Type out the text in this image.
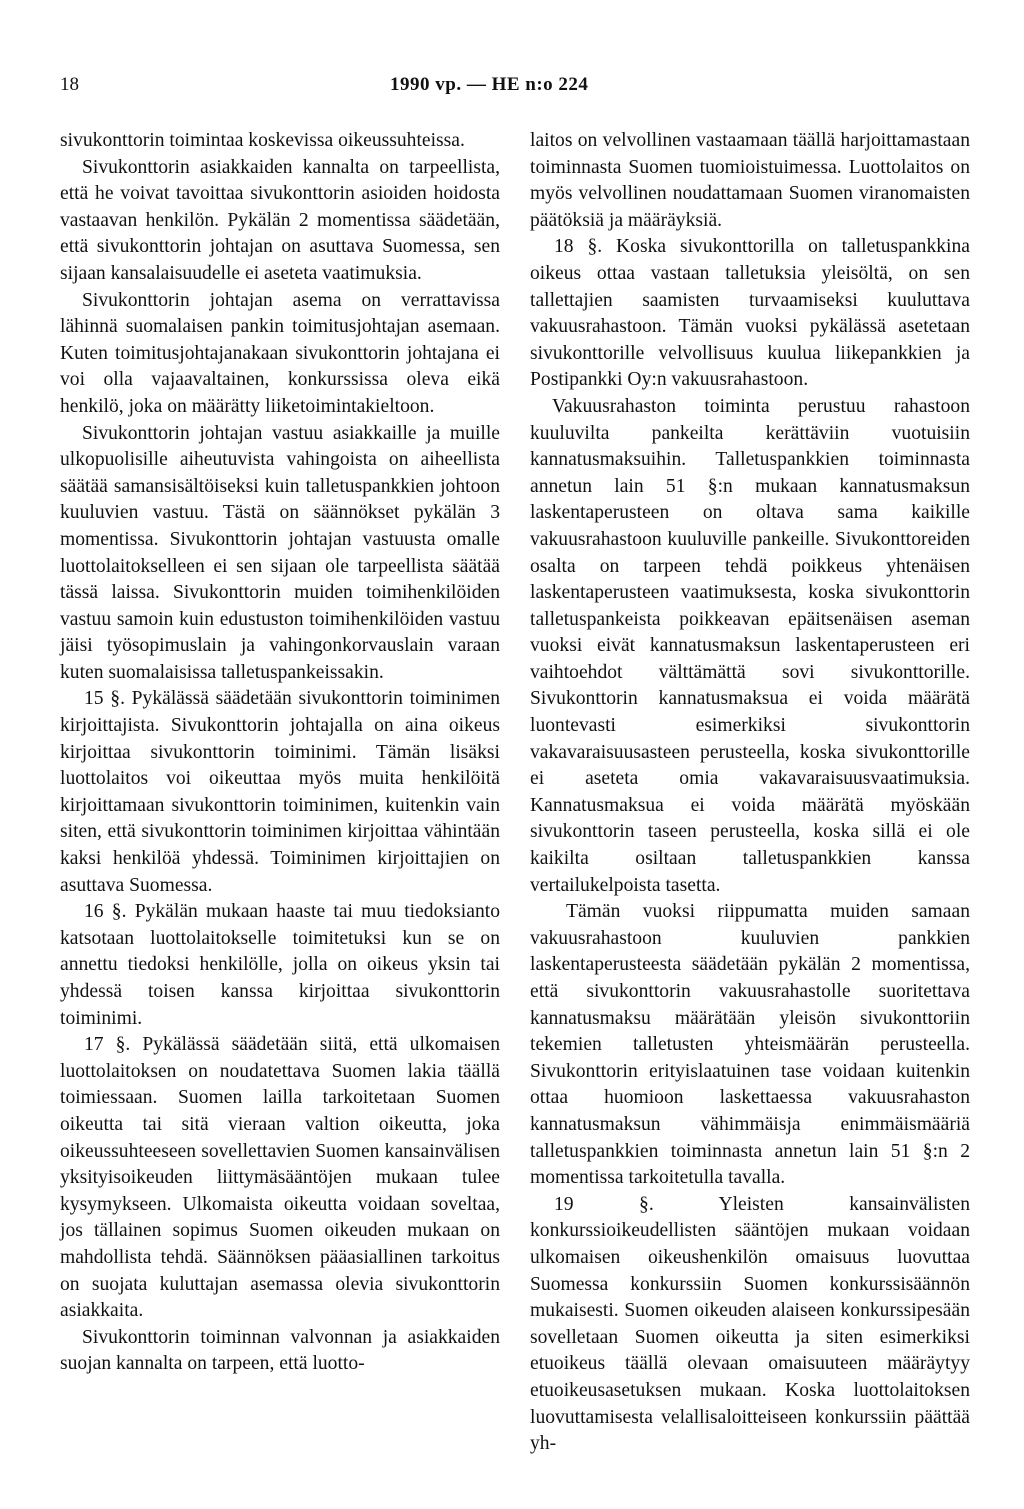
18	1990 vp. — HE n:o 224

sivukonttorin toimintaa koskevissa oikeussuhteissa.

Sivukonttorin asiakkaiden kannalta on tarpeellista, että he voivat tavoittaa sivukonttorin asioiden hoidosta vastaavan henkilön. Pykälän 2 momentissa säädetään, että sivukonttorin johtajan on asuttava Suomessa, sen sijaan kansalaisuudelle ei aseteta vaatimuksia.

Sivukonttorin johtajan asema on verrattavissa lähinnä suomalaisen pankin toimitusjohtajan asemaan. Kuten toimitusjohtajanakaan sivukonttorin johtajana ei voi olla vajaavaltainen, konkurssissa oleva eikä henkilö, joka on määrätty liiketoimintakieltoon.

Sivukonttorin johtajan vastuu asiakkaille ja muille ulkopuolisille aiheutuvista vahingoista on aiheellista säätää samansisältöiseksi kuin talletuspankkien johtoon kuuluvien vastuu. Tästä on säännökset pykälän 3 momentissa. Sivukonttorin johtajan vastuusta omalle luottolaitokselleen ei sen sijaan ole tarpeellista säätää tässä laissa. Sivukonttorin muiden toimihenkilöiden vastuu samoin kuin edustuston toimihenkilöiden vastuu jäisi työsopimuslain ja vahingonkorvauslain varaan kuten suomalaisissa talletuspankeissakin.

15 §. Pykälässä säädetään sivukonttorin toiminimen kirjoittajista. Sivukonttorin johtajalla on aina oikeus kirjoittaa sivukonttorin toiminimi. Tämän lisäksi luottolaitos voi oikeuttaa myös muita henkilöitä kirjoittamaan sivukonttorin toiminimen, kuitenkin vain siten, että sivukonttorin toiminimen kirjoittaa vähintään kaksi henkilöä yhdessä. Toiminimen kirjoittajien on asuttava Suomessa.

16 §. Pykälän mukaan haaste tai muu tiedoksianto katsotaan luottolaitokselle toimitetuksi kun se on annettu tiedoksi henkilölle, jolla on oikeus yksin tai yhdessä toisen kanssa kirjoittaa sivukonttorin toiminimi.

17 §. Pykälässä säädetään siitä, että ulkomaisen luottolaitoksen on noudatettava Suomen lakia täällä toimiessaan. Suomen lailla tarkoitetaan Suomen oikeutta tai sitä vieraan valtion oikeutta, joka oikeussuhteeseen sovellettavien Suomen kansainvälisen yksityisoikeuden liittymäsääntöjen mukaan tulee kysymykseen. Ulkomaista oikeutta voidaan soveltaa, jos tällainen sopimus Suomen oikeuden mukaan on mahdollista tehdä. Säännöksen pääasiallinen tarkoitus on suojata kuluttajan asemassa olevia sivukonttorin asiakkaita.

Sivukonttorin toiminnan valvonnan ja asiakkaiden suojan kannalta on tarpeen, että luotto-

laitos on velvollinen vastaamaan täällä harjoittamastaan toiminnasta Suomen tuomioistuimessa. Luottolaitos on myös velvollinen noudattamaan Suomen viranomaisten päätöksiä ja määräyksiä.

18 §. Koska sivukonttorilla on talletuspankkina oikeus ottaa vastaan talletuksia yleisöltä, on sen tallettajien saamisten turvaamiseksi kuuluttava vakuusrahastoon. Tämän vuoksi pykälässä asetetaan sivukonttorille velvollisuus kuulua liikepankkien ja Postipankki Oy:n vakuusrahastoon.

Vakuusrahaston toiminta perustuu rahastoon kuuluvilta pankeilta kerättäviin vuotuisiin kannatusmaksuihin. Talletuspankkien toiminnasta annetun lain 51 §:n mukaan kannatusmaksun laskentaperusteen on oltava sama kaikille vakuusrahastoon kuuluville pankeille. Sivukonttoreiden osalta on tarpeen tehdä poikkeus yhtenäisen laskentaperusteen vaatimuksesta, koska sivukonttorin talletuspankeista poikkeavan epäitsenäisen aseman vuoksi eivät kannatusmaksun laskentaperusteen eri vaihtoehdot välttämättä sovi sivukonttorille. Sivukonttorin kannatusmaksua ei voida määrätä luontevasti esimerkiksi sivukonttorin vakavaraisuusasteen perusteella, koska sivukonttorille ei aseteta omia vakavaraisuusvaatimuksia. Kannatusmaksua ei voida määrätä myöskään sivukonttorin taseen perusteella, koska sillä ei ole kaikilta osiltaan talletuspankkien kanssa vertailukelpoista tasetta.

Tämän vuoksi riippumatta muiden samaan vakuusrahastoon kuuluvien pankkien laskentaperusteesta säädetään pykälän 2 momentissa, että sivukonttorin vakuusrahastolle suoritettava kannatusmaksu määrätään yleisön sivukonttoriin tekemien talletusten yhteismäärän perusteella. Sivukonttorin erityislaatuinen tase voidaan kuitenkin ottaa huomioon laskettaessa vakuusrahaston kannatusmaksun vähimmäisja enimmäismääriä talletuspankkien toiminnasta annetun lain 51 §:n 2 momentissa tarkoitetulla tavalla.

19 §. Yleisten kansainvälisten konkurssioikeudellisten sääntöjen mukaan voidaan ulkomaisen oikeushenkilön omaisuus luovuttaa Suomessa konkurssiin Suomen konkurssisäännön mukaisesti. Suomen oikeuden alaiseen konkurssipesään sovelletaan Suomen oikeutta ja siten esimerkiksi etuoikeus täällä olevaan omaisuuteen määräytyy etuoikeusasetuksen mukaan. Koska luottolaitoksen luovuttamisesta velallisaloitteiseen konkurssiin päättää yh-
